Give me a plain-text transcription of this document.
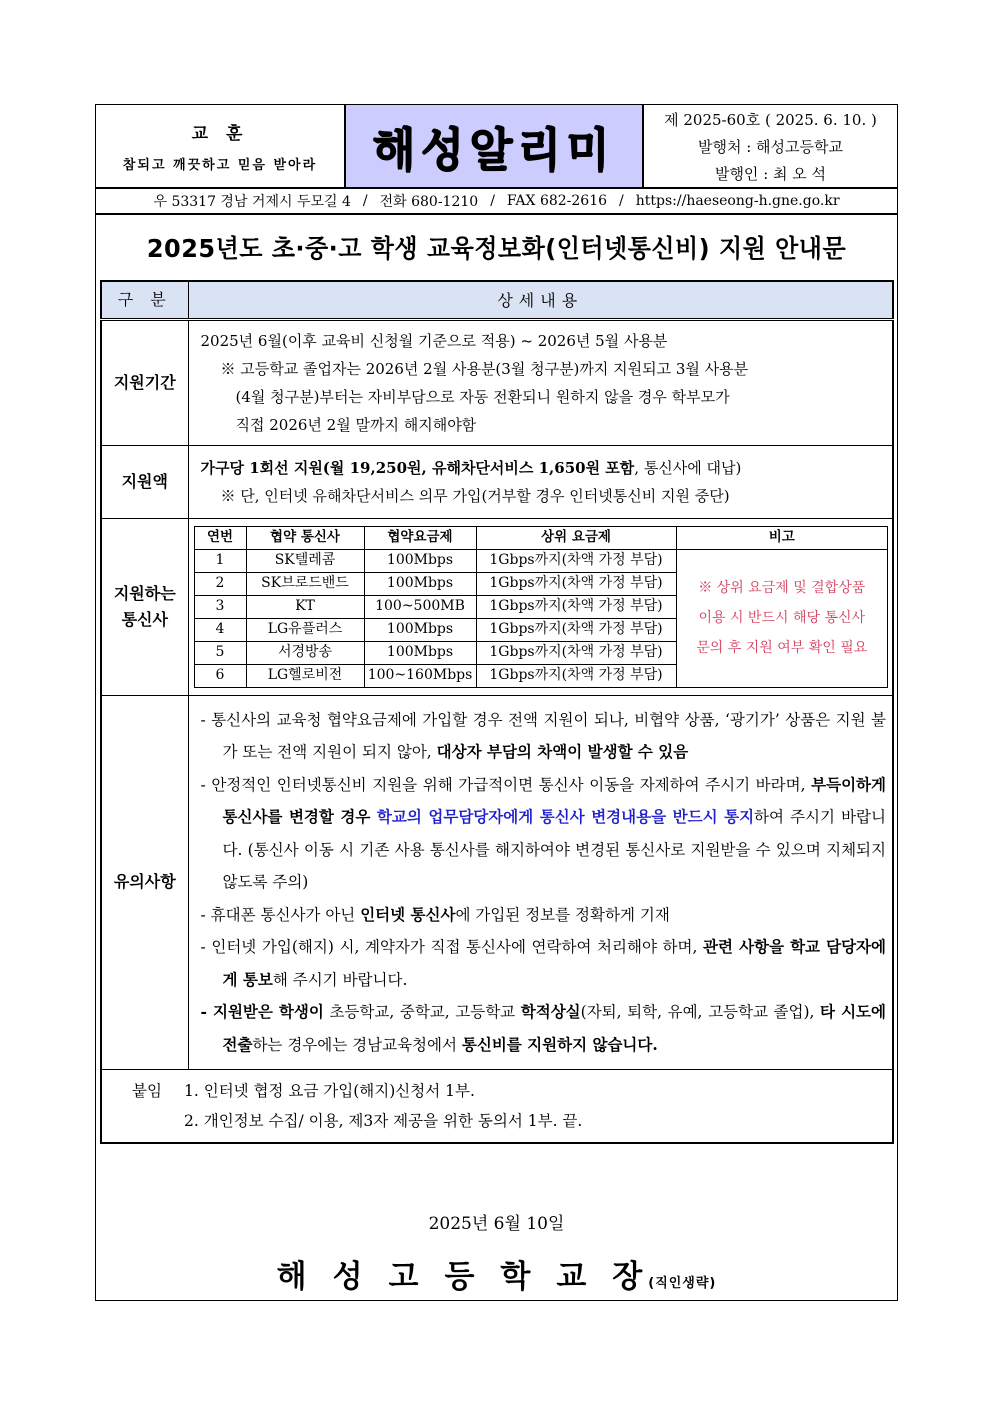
교 훈
참되고 깨끗하고 믿음 받아라 해성알리미
제 2025-60호 ( 2025. 6. 10. )
발행처 : 해성고등학교
발행인 : 최 오 석
우 53317 경남 거제시 두모길 4 / 전화 680-1210 / FAX 682-2616 / https://haeseong-h.gne.go.kr
2025년도 초·중·고 학생 교육정보화(인터넷통신비) 지원 안내문
구 분	상세내용
지원기간	
2025년 6월(이후 교육비 신청월 기준으로 적용) ~ 2026년 5월 사용분
※ 고등학교 졸업자는 2026년 2월 사용분(3월 청구분)까지 지원되고 3월 사용분
(4월 청구분)부터는 자비부담으로 자동 전환되니 원하지 않을 경우 학부모가
직접 2026년 2월 말까지 해지해야함

지원액	
가구당 1회선 지원(월 19,250원, 유해차단서비스 1,650원 포함, 통신사에 대납)
※ 단, 인터넷 유해차단서비스 의무 가입(거부할 경우 인터넷통신비 지원 중단)

지원하는
통신사

연번	협약 통신사	협약요금제	상위 요금제	비고
1	SK텔레콤	100Mbps	1Gbps까지(차액 가정 부담)	
※ 상위 요금제 및 결합상품
이용 시 반드시 해당 통신사
문의 후 지원 여부 확인 필요

2	SK브로드밴드	100Mbps	1Gbps까지(차액 가정 부담)
3	KT	100~500MB	1Gbps까지(차액 가정 부담)
4	LG유플러스	100Mbps	1Gbps까지(차액 가정 부담)
5	서경방송	100Mbps	1Gbps까지(차액 가정 부담)
6	LG헬로비전	100~160Mbps	1Gbps까지(차액 가정 부담)

유의사항	
- 통신사의 교육청 협약요금제에 가입할 경우 전액 지원이 되나, 비협약 상품, ‘광기가’ 상품은 지원 불가 또는 전액 지원이 되지 않아, 대상자 부담의 차액이 발생할 수 있음
- 안정적인 인터넷통신비 지원을 위해 가급적이면 통신사 이동을 자제하여 주시기 바라며, 부득이하게 통신사를 변경할 경우 학교의 업무담당자에게 통신사 변경내용을 반드시 통지하여 주시기 바랍니다. (통신사 이동 시 기존 사용 통신사를 해지하여야 변경된 통신사로 지원받을 수 있으며 지체되지 않도록 주의)
- 휴대폰 통신사가 아닌 인터넷 통신사에 가입된 정보를 정확하게 기재
- 인터넷 가입(해지) 시, 계약자가 직접 통신사에 연락하여 처리해야 하며, 관련 사항을 학교 담당자에게 통보해 주시기 바랍니다.
- 지원받은 학생이 초등학교, 중학교, 고등학교 학적상실(자퇴, 퇴학, 유예, 고등학교 졸업), 타 시도에 전출하는 경우에는 경남교육청에서 통신비를 지원하지 않습니다.

붙임	1. 인터넷 협정 요금 가입(해지)신청서 1부.
2. 개인정보 수집/ 이용, 제3자 제공을 위한 동의서 1부. 끝.
2025년 6월 10일
해성고등학교장(직인생략)
